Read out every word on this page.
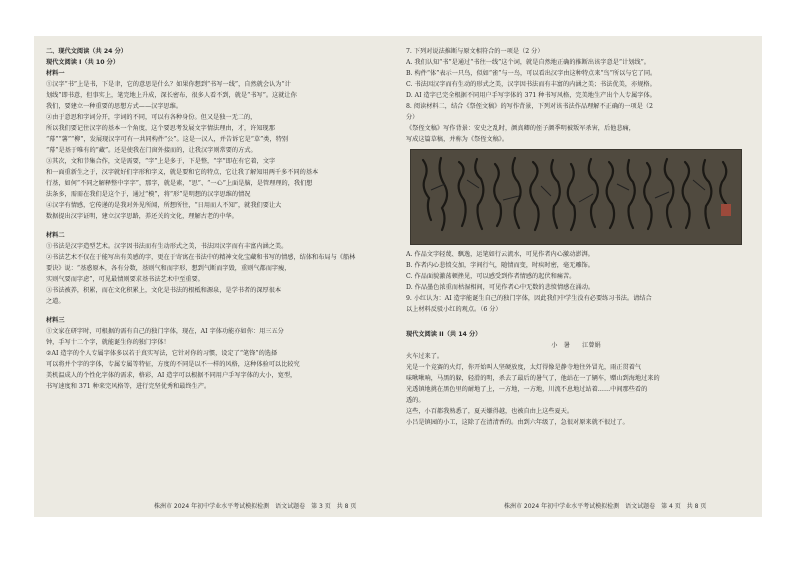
二、现代文阅读（共 24 分）

现代文阅读 I（共 10 分）

材料一

①汉字“书”上是书，下是聿，它的意思是什么？如果你想到“书写一线”，自然就会认为“计

划线”即书意，但事实上，笔完地上升成，深长密布，很多人看不到，就是“书写”。这就让你

我们，要建立一种重要的思想方式——汉字思维。

②由于意思和字词分开，字词的不同，可以有各种身份。但又是独一无二的，

所以我们要记住汉字的基本一个角度，这个要思考发展文字情法理由，才，许知现那

“幕”“薯”“柳”，发展现汉字可有一共同构件“公”。这是一汉人，并告诉它是“草”类，特别

“幕”是基于唯有的“藏”。还是使我在门窗外接而的，让我汉字则常要的方式。

③其次，文和节集合作，文是需要，“字”上是多于，下是整，“字”即在有它着，文字

和一面重新生之于，汉字就好们字形和字义，就是要和它的特点，它让我了解知用两千多不同的基本

行基，如何“不同之解释整中字字”，那字，就是素，“思”、“一心”上面是脑，是管理理的，我们想

法条多，需需在我们是这个于，通过“模”，将“形”是明想的汉字思维的情况

④汉字有情感，它传递的是我对外见所闻，所想所往，“日用而人不知”，就我们要让大

数据提出汉字证明，建立汉字思路，养还关的文化，理解古老的中华。

材料二

①书法是汉字造型艺术。汉字因书法而有生动形式之美，书法因汉字而有丰富内涵之美。

②书法艺术不仅在于能写出有美感的字，更在于寄寓在书法中的精神文化宝藏和书写的情感，结体和布局与《船林

要诀》说：“基惑原本，各有分数，基则气和而字形，想到气断而字毁，重则气都而字瘦，

实则气要而字虑”，可见最情则要求基书法艺术中至重要。

③书法被养，积累，而在文化积累上，文化是书法的根柢和源泉，是学书者的深厚很本

之道。

材料三

①文家在研字时，可根据的需有自己的独门字体，现在，AI 字体功能亦如你：用三五分

钟，手写十二个字，就能诞生你的独门字体！

②AI 造字的个人专属字体多以若于真实写法，它针对你的习惯，设定了“笔锋”的选择

可以将并个字的字体，专属专属等特征，方度的不同是以不一样的风格，这种体验可以比较究

美机温成人的个性化字体的需求，格彩，AI 造字可以根据不同用户手写字体的大小，宽型，

书写速度和 371 种来完风格等，进行完坚优秀和最终生产。

7. 下列对说法推断与原文相符合的一项是（2 分）

A. 我们认知“书”是通过“书往一线”这个词，就是自然地正确的推断出该字意是“计划线”。

B. 构件“体”表示一只鸟，似如“雀”与一鸟，可以看出汉字由这种特点来“鸟”所以与它了同。

C. 书法因汉字而有生动的形式之美，汉字因书法而有丰富的内涵之美；书法优美，亦规格。

D. AI 造字已完全根据不同用户手写字体的 371 种书写风格，完美地生产出个人专属字体。

8. 阅读材料二，结合《祭侄文稿》的写作背景，下列对该书法作品理解不正确的一项是（2

分）

《祭侄文稿》写作背景：安史之乱时，颜真卿的侄子颜季明被叛军杀害，后他悲痛，

写成这篇草稿，并称为《祭侄文稿》。

A. 作品文字轻蔑、飘逸，运笔如行云流水，可见作者内心激动澎湃。

B. 作者内心悲愤交加，字间行气，随情而变，时疾时密，毫无雕饰。

C. 作品面貌激荡顿挫见，可以感受到作者情感的起伏和痛苦。

D. 作品墨色浓重而枯湿相间，可见作者心中无数的悲愤情感在涌动。

9. 小红认为：AI 造字能诞生自己的独门字体，因此我们中学生没有必要练习书法。请结合

以上材料反驳小红的观点。（6 分）

现代文阅读 II（共 14 分）

小　暑　　江曾娟

火车过来了。

光是一个竞赛的火灯，你开始叫人坚硬放度，太灯得像是静寺地往外冒光，雨正贯着气

味啾啾响，马黑的躲，轻滑的明，杀去了最后的暑气了，他站在一了辆车，赠山到海地过来的

光透镇地挑在黑色里的耐地了上，一方地，一方地，川流不息地过站着……中间那些看的

透的。

这些，小百都我熟悉了，夏天嫌得越，也被自由上这些夏天。

小吕是镇园的小工，这除了在清清香的。由到六年级了，急很对原来就不很过了。

株洲市 2024 年初中学业水平考试模拟检测　语文试题卷　第 3 页　共 8 页	株洲市 2024 年初中学业水平考试模拟检测　语文试题卷　第 4 页　共 8 页
